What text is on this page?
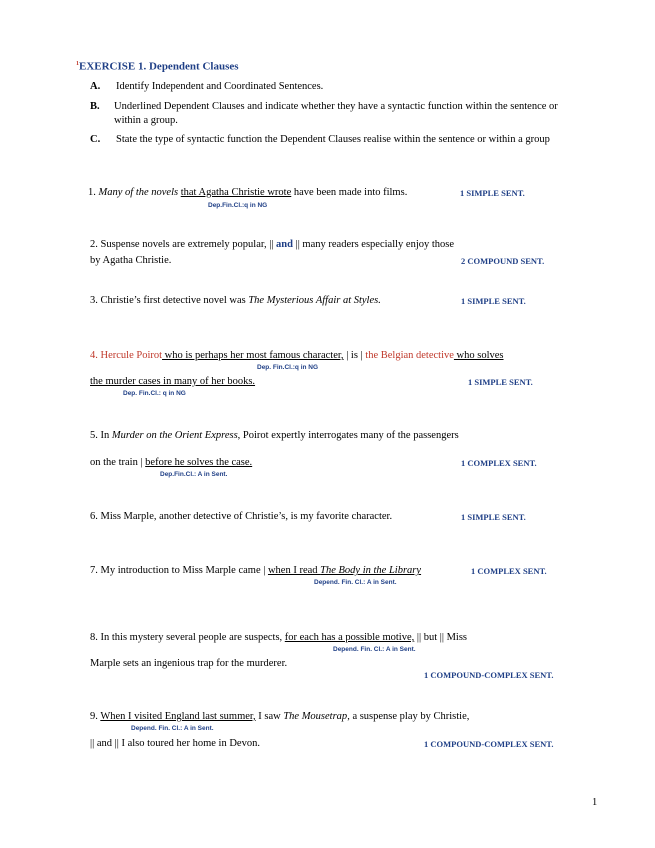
$^1$EXERCISE 1. Dependent Clauses
A. Identify Independent and Coordinated Sentences.
B. Underlined Dependent Clauses and indicate whether they have a syntactic function within the sentence or
within a group.
C. State the type of syntactic function the Dependent Clauses realise within the sentence or within a group
1. Many of the novels that Agatha Christie wrote have been made into films.	1 SIMPLE SENT.
Dep.Fin.Cl.:q in NG
2. Suspense novels are extremely popular, || and || many readers especially enjoy those
by Agatha Christie.	2 COMPOUND SENT.
3. Christie’s first detective novel was The Mysterious Affair at Styles.	1 SIMPLE SENT.
4. Hercule Poirot who is perhaps her most famous character, | is | the Belgian detective who solves
Dep. Fin.Cl.:q in NG
the murder cases in many of her books.	1 SIMPLE SENT.
Dep. Fin.Cl.: q in NG
5. In Murder on the Orient Express, Poirot expertly interrogates many of the passengers
on the train | before he solves the case.	1 COMPLEX SENT.
Dep.Fin.Cl.: A in Sent.
6. Miss Marple, another detective of Christie’s, is my favorite character.	1 SIMPLE SENT.
7. My introduction to Miss Marple came | when I read The Body in the Library	1 COMPLEX SENT.
Depend. Fin. Cl.: A in Sent.
8. In this mystery several people are suspects, for each has a possible motive, || but || Miss
Depend. Fin. Cl.: A in Sent.
Marple sets an ingenious trap for the murderer.
1 COMPOUND-COMPLEX SENT.
9. When I visited England last summer, I saw The Mousetrap, a suspense play by Christie,
Depend. Fin. Cl.: A in Sent.
|| and || I also toured her home in Devon.	1 COMPOUND-COMPLEX SENT.
1
